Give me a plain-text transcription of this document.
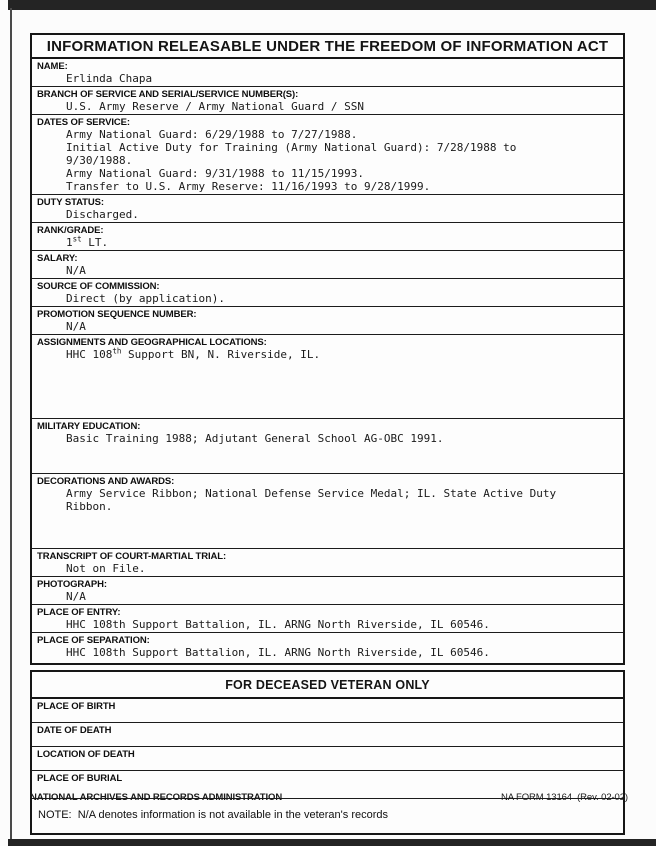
INFORMATION RELEASABLE UNDER THE FREEDOM OF INFORMATION ACT
NAME:
Erlinda Chapa
BRANCH OF SERVICE AND SERIAL/SERVICE NUMBER(S):
U.S. Army Reserve / Army National Guard / SSN
DATES OF SERVICE:
Army National Guard: 6/29/1988 to 7/27/1988.
Initial Active Duty for Training (Army National Guard): 7/28/1988 to
9/30/1988.
Army National Guard: 9/31/1988 to 11/15/1993.
Transfer to U.S. Army Reserve: 11/16/1993 to 9/28/1999.
DUTY STATUS:
Discharged.
RANK/GRADE:
1st LT.
SALARY:
N/A
SOURCE OF COMMISSION:
Direct (by application).
PROMOTION SEQUENCE NUMBER:
N/A
ASSIGNMENTS AND GEOGRAPHICAL LOCATIONS:
HHC 108th Support BN, N. Riverside, IL.
MILITARY EDUCATION:
Basic Training 1988; Adjutant General School AG-OBC 1991.
DECORATIONS AND AWARDS:
Army Service Ribbon; National Defense Service Medal; IL. State Active Duty
Ribbon.
TRANSCRIPT OF COURT-MARTIAL TRIAL:
Not on File.
PHOTOGRAPH:
N/A
PLACE OF ENTRY:
HHC 108th Support Battalion, IL. ARNG North Riverside, IL 60546.
PLACE OF SEPARATION:
HHC 108th Support Battalion, IL. ARNG North Riverside, IL 60546.
FOR DECEASED VETERAN ONLY
PLACE OF BIRTH
DATE OF DEATH
LOCATION OF DEATH
PLACE OF BURIAL
NOTE:  N/A denotes information is not available in the veteran's records
NATIONAL ARCHIVES AND RECORDS ADMINISTRATION	NA FORM 13164  (Rev. 02-02)
